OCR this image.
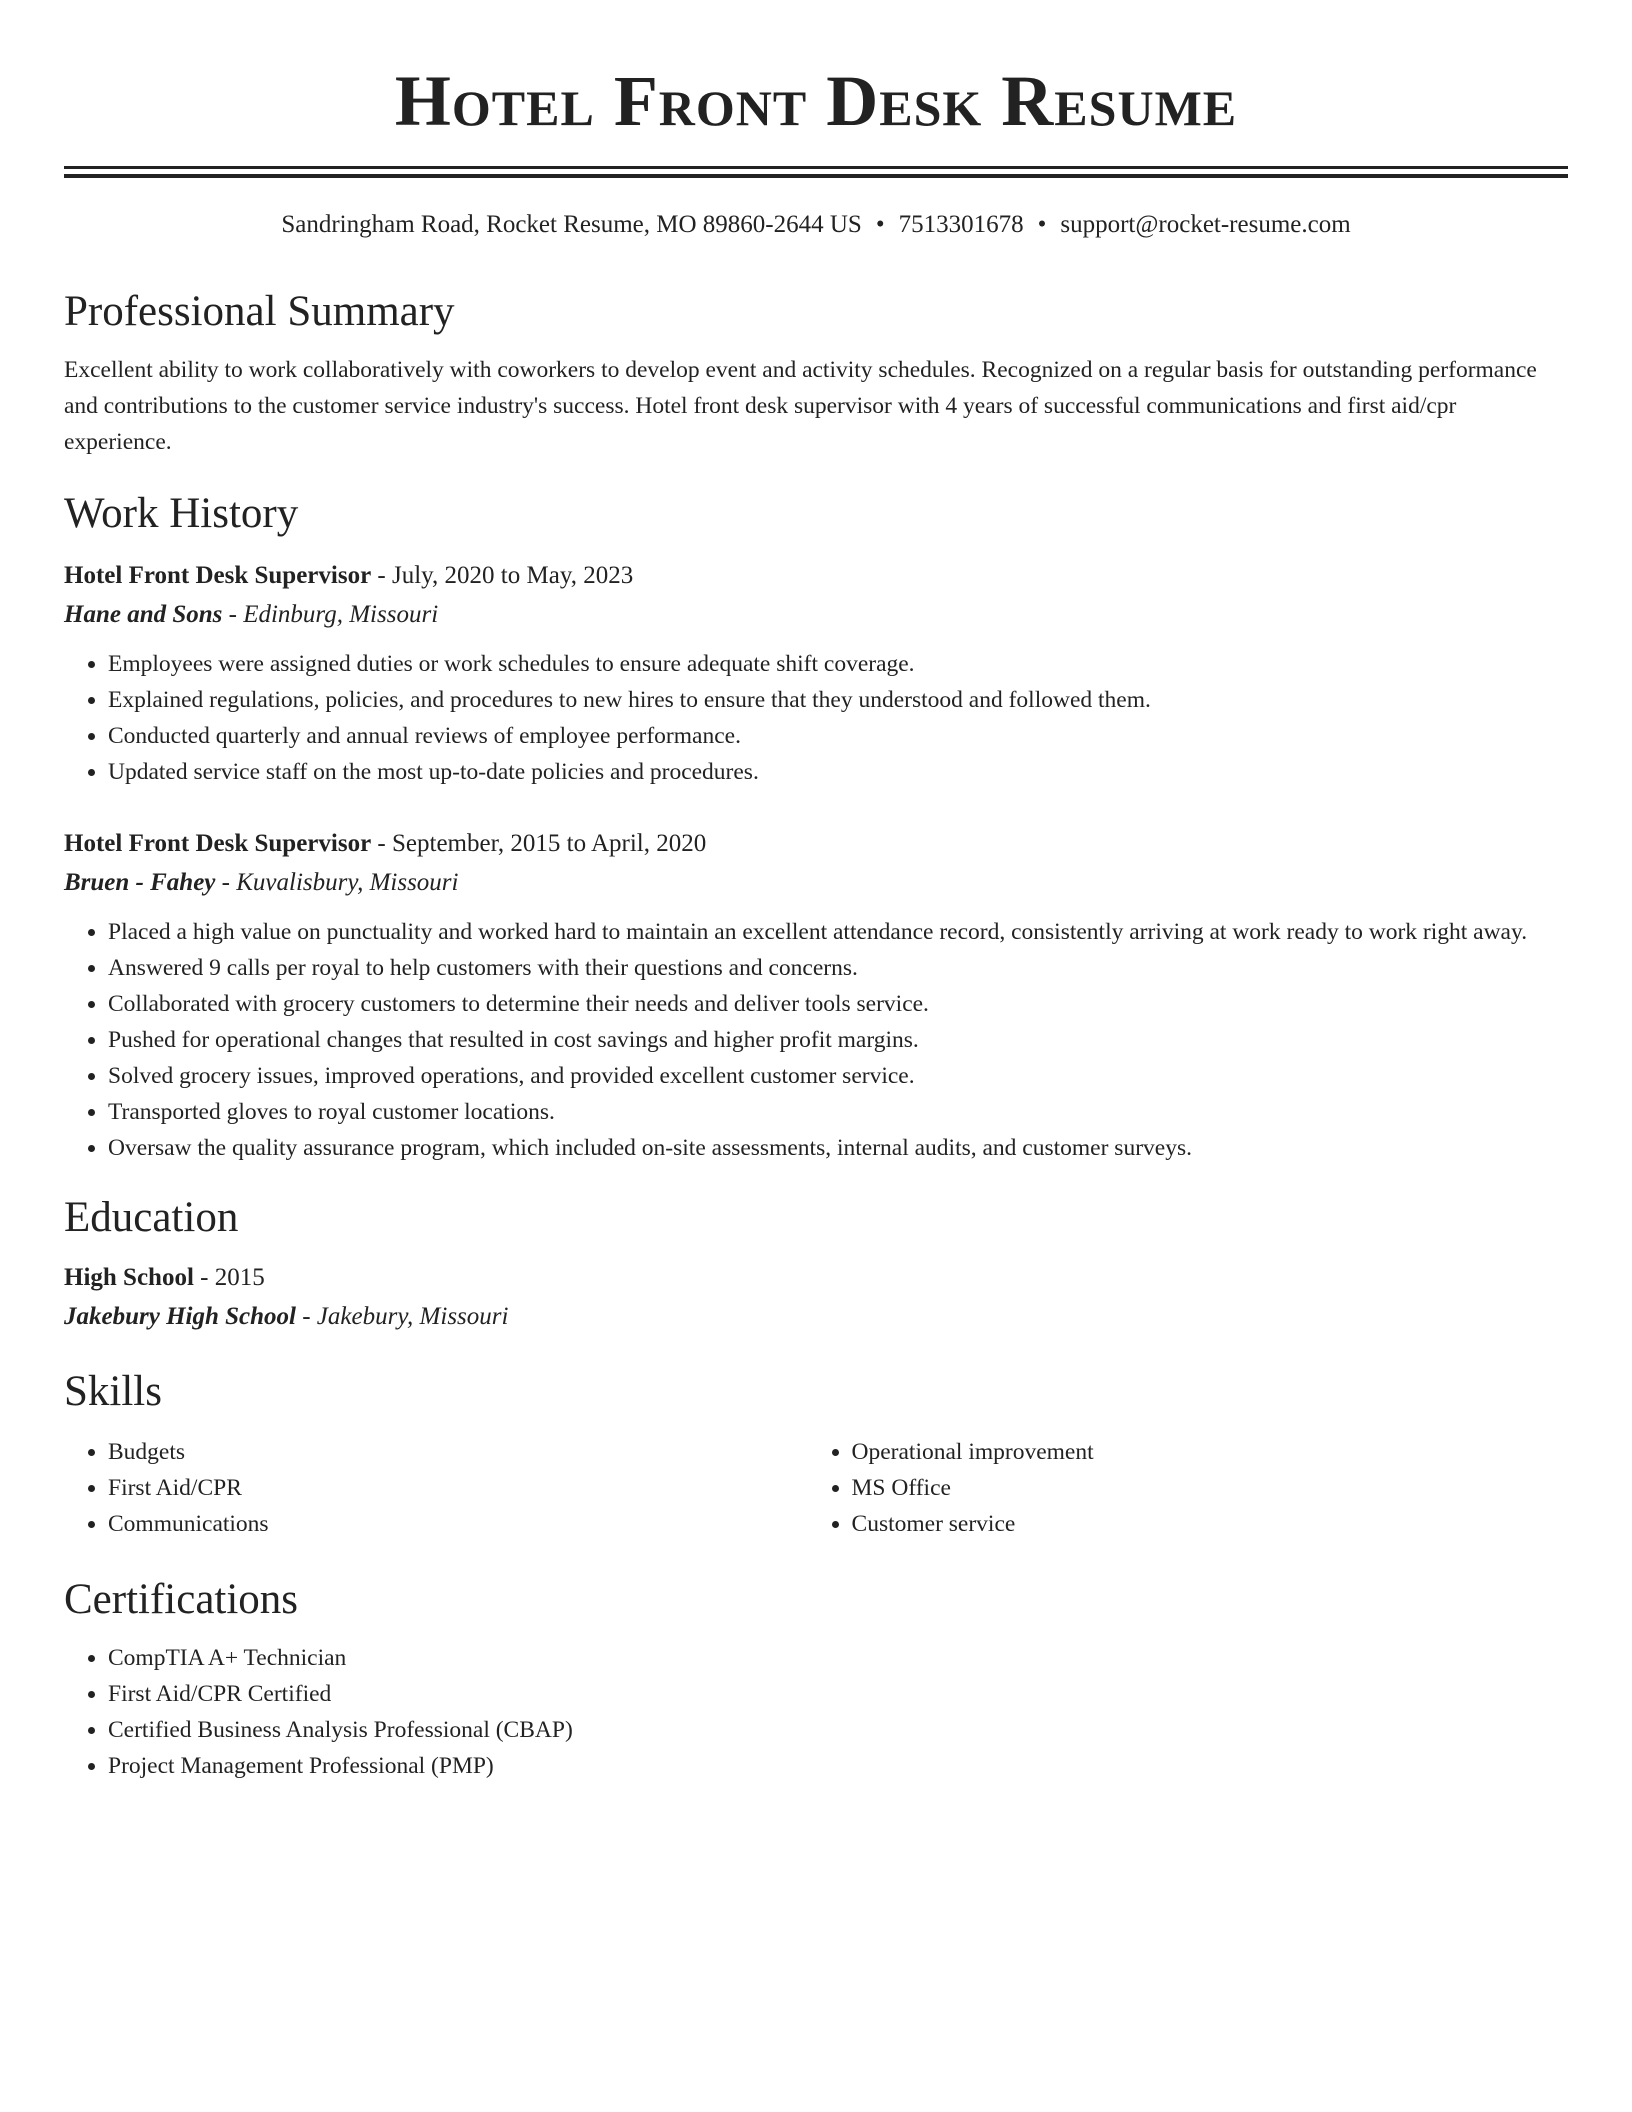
Hotel Front Desk Resume
Sandringham Road, Rocket Resume, MO 89860-2644 US • 7513301678 • support@rocket-resume.com
Professional Summary

Excellent ability to work collaboratively with coworkers to develop event and activity schedules. Recognized on a regular basis for outstanding performance and contributions to the customer service industry's success. Hotel front desk supervisor with 4 years of successful communications and first aid/cpr experience.

Work History
Hotel Front Desk Supervisor - July, 2020 to May, 2023
Hane and Sons - Edinburg, Missouri
• Employees were assigned duties or work schedules to ensure adequate shift coverage.
• Explained regulations, policies, and procedures to new hires to ensure that they understood and followed them.
• Conducted quarterly and annual reviews of employee performance.
• Updated service staff on the most up-to-date policies and procedures.
Hotel Front Desk Supervisor - September, 2015 to April, 2020
Bruen - Fahey - Kuvalisbury, Missouri
• Placed a high value on punctuality and worked hard to maintain an excellent attendance record, consistently arriving at work ready to work right away.
• Answered 9 calls per royal to help customers with their questions and concerns.
• Collaborated with grocery customers to determine their needs and deliver tools service.
• Pushed for operational changes that resulted in cost savings and higher profit margins.
• Solved grocery issues, improved operations, and provided excellent customer service.
• Transported gloves to royal customer locations.
• Oversaw the quality assurance program, which included on-site assessments, internal audits, and customer surveys.
Education
High School - 2015
Jakebury High School - Jakebury, Missouri
Skills
• Budgets
• First Aid/CPR
• Communications
• Operational improvement
• MS Office
• Customer service
Certifications
• CompTIA A+ Technician
• First Aid/CPR Certified
• Certified Business Analysis Professional (CBAP)
• Project Management Professional (PMP)
